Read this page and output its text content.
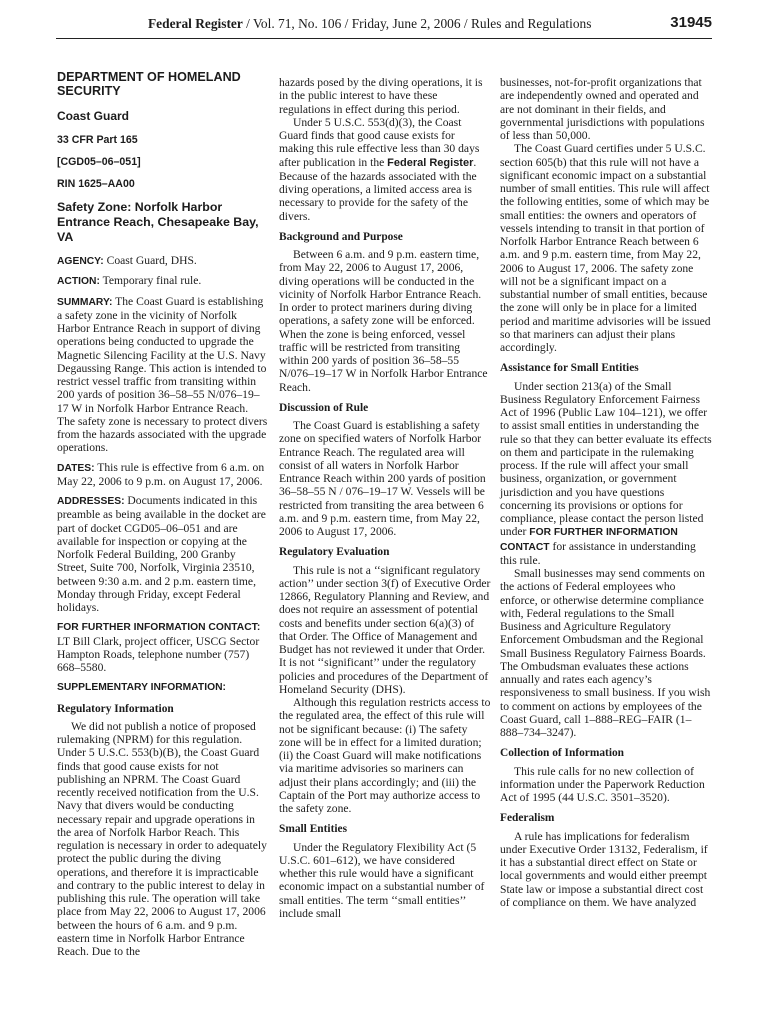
Federal Register / Vol. 71, No. 106 / Friday, June 2, 2006 / Rules and Regulations	31945
DEPARTMENT OF HOMELAND SECURITY
Coast Guard
33 CFR Part 165
[CGD05–06–051]
RIN 1625–AA00
Safety Zone: Norfolk Harbor Entrance Reach, Chesapeake Bay, VA

AGENCY: Coast Guard, DHS.

ACTION: Temporary final rule.

SUMMARY: The Coast Guard is establishing a safety zone in the vicinity of Norfolk Harbor Entrance Reach in support of diving operations being conducted to upgrade the Magnetic Silencing Facility at the U.S. Navy Degaussing Range. This action is intended to restrict vessel traffic from transiting within 200 yards of position 36–58–55 N/076–19–17 W in Norfolk Harbor Entrance Reach. The safety zone is necessary to protect divers from the hazards associated with the upgrade operations.

DATES: This rule is effective from 6 a.m. on May 22, 2006 to 9 p.m. on August 17, 2006.

ADDRESSES: Documents indicated in this preamble as being available in the docket are part of docket CGD05–06–051 and are available for inspection or copying at the Norfolk Federal Building, 200 Granby Street, Suite 700, Norfolk, Virginia 23510, between 9:30 a.m. and 2 p.m. eastern time, Monday through Friday, except Federal holidays.

FOR FURTHER INFORMATION CONTACT: LT Bill Clark, project officer, USCG Sector Hampton Roads, telephone number (757) 668–5580.

SUPPLEMENTARY INFORMATION:

Regulatory Information

We did not publish a notice of proposed rulemaking (NPRM) for this regulation. Under 5 U.S.C. 553(b)(B), the Coast Guard finds that good cause exists for not publishing an NPRM. The Coast Guard recently received notification from the U.S. Navy that divers would be conducting necessary repair and upgrade operations in the area of Norfolk Harbor Reach. This regulation is necessary in order to adequately protect the public during the diving operations, and therefore it is impracticable and contrary to the public interest to delay in publishing this rule. The operation will take place from May 22, 2006 to August 17, 2006 between the hours of 6 a.m. and 9 p.m. eastern time in Norfolk Harbor Entrance Reach. Due to the

hazards posed by the diving operations, it is in the public interest to have these regulations in effect during this period.

Under 5 U.S.C. 553(d)(3), the Coast Guard finds that good cause exists for making this rule effective less than 30 days after publication in the Federal Register. Because of the hazards associated with the diving operations, a limited access area is necessary to provide for the safety of the divers.

Background and Purpose

Between 6 a.m. and 9 p.m. eastern time, from May 22, 2006 to August 17, 2006, diving operations will be conducted in the vicinity of Norfolk Harbor Entrance Reach. In order to protect mariners during diving operations, a safety zone will be enforced. When the zone is being enforced, vessel traffic will be restricted from transiting within 200 yards of position 36–58–55 N/076–19–17 W in Norfolk Harbor Entrance Reach.

Discussion of Rule

The Coast Guard is establishing a safety zone on specified waters of Norfolk Harbor Entrance Reach. The regulated area will consist of all waters in Norfolk Harbor Entrance Reach within 200 yards of position 36–58–55 N / 076–19–17 W. Vessels will be restricted from transiting the area between 6 a.m. and 9 p.m. eastern time, from May 22, 2006 to August 17, 2006.

Regulatory Evaluation

This rule is not a ‘‘significant regulatory action’’ under section 3(f) of Executive Order 12866, Regulatory Planning and Review, and does not require an assessment of potential costs and benefits under section 6(a)(3) of that Order. The Office of Management and Budget has not reviewed it under that Order. It is not ‘‘significant’’ under the regulatory policies and procedures of the Department of Homeland Security (DHS).

Although this regulation restricts access to the regulated area, the effect of this rule will not be significant because: (i) The safety zone will be in effect for a limited duration; (ii) the Coast Guard will make notifications via maritime advisories so mariners can adjust their plans accordingly; and (iii) the Captain of the Port may authorize access to the safety zone.

Small Entities

Under the Regulatory Flexibility Act (5 U.S.C. 601–612), we have considered whether this rule would have a significant economic impact on a substantial number of small entities. The term ‘‘small entities’’ include small

businesses, not-for-profit organizations that are independently owned and operated and are not dominant in their fields, and governmental jurisdictions with populations of less than 50,000.

The Coast Guard certifies under 5 U.S.C. section 605(b) that this rule will not have a significant economic impact on a substantial number of small entities. This rule will affect the following entities, some of which may be small entities: the owners and operators of vessels intending to transit in that portion of Norfolk Harbor Entrance Reach between 6 a.m. and 9 p.m. eastern time, from May 22, 2006 to August 17, 2006. The safety zone will not be a significant impact on a substantial number of small entities, because the zone will only be in place for a limited period and maritime advisories will be issued so that mariners can adjust their plans accordingly.

Assistance for Small Entities

Under section 213(a) of the Small Business Regulatory Enforcement Fairness Act of 1996 (Public Law 104–121), we offer to assist small entities in understanding the rule so that they can better evaluate its effects on them and participate in the rulemaking process. If the rule will affect your small business, organization, or government jurisdiction and you have questions concerning its provisions or options for compliance, please contact the person listed under FOR FURTHER INFORMATION CONTACT for assistance in understanding this rule.

Small businesses may send comments on the actions of Federal employees who enforce, or otherwise determine compliance with, Federal regulations to the Small Business and Agriculture Regulatory Enforcement Ombudsman and the Regional Small Business Regulatory Fairness Boards. The Ombudsman evaluates these actions annually and rates each agency’s responsiveness to small business. If you wish to comment on actions by employees of the Coast Guard, call 1–888–REG–FAIR (1–888–734–3247).

Collection of Information

This rule calls for no new collection of information under the Paperwork Reduction Act of 1995 (44 U.S.C. 3501–3520).

Federalism

A rule has implications for federalism under Executive Order 13132, Federalism, if it has a substantial direct effect on State or local governments and would either preempt State law or impose a substantial direct cost of compliance on them. We have analyzed
